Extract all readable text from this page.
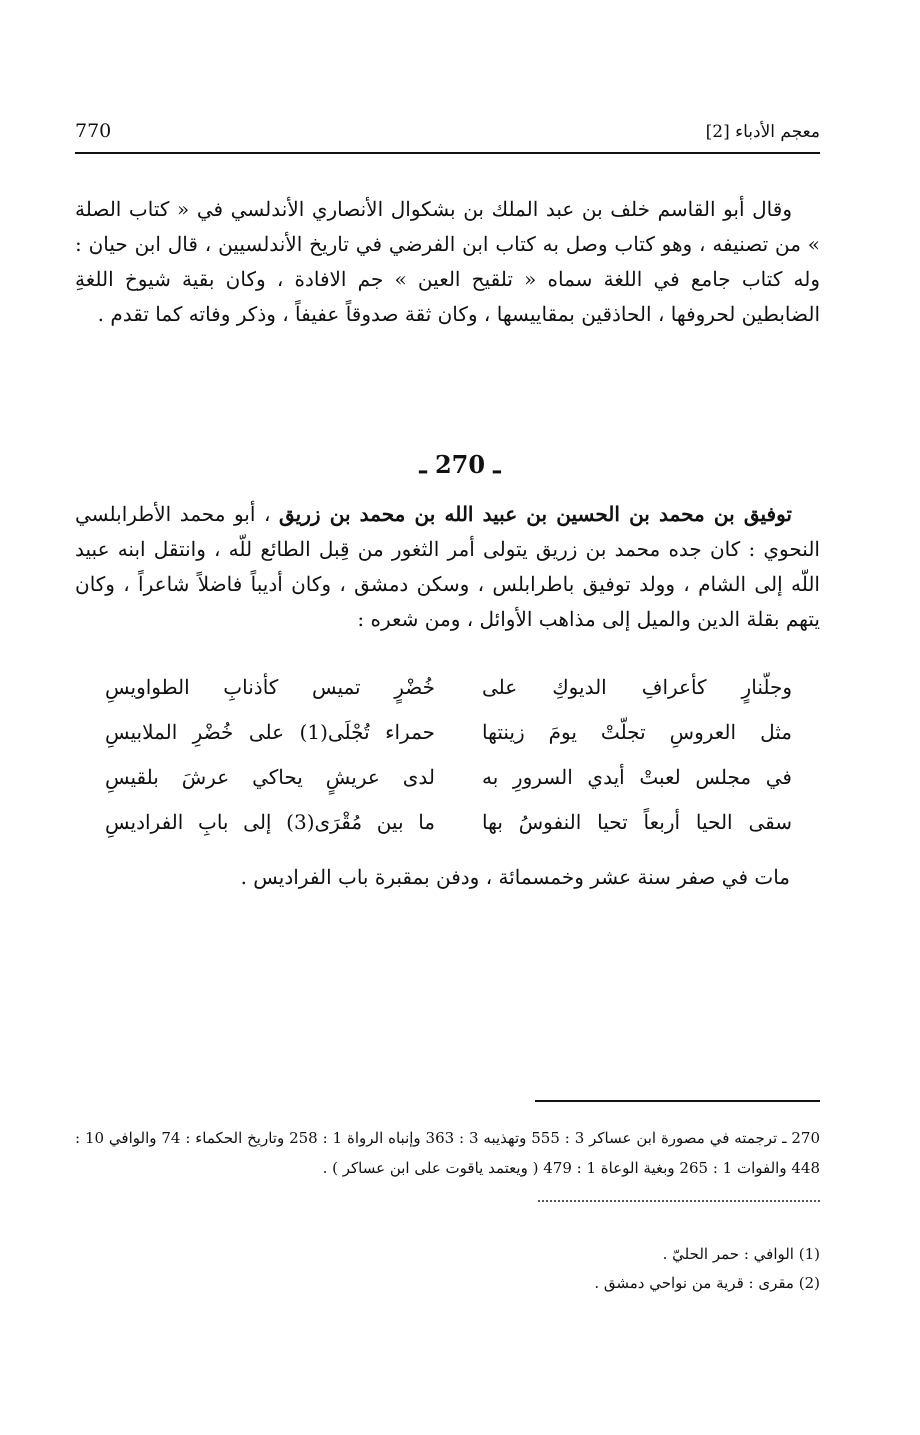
770	معجم الأدباء [2]

وقال أبو القاسم خلف بن عبد الملك بن بشكوال الأنصاري الأندلسي في « كتاب الصلة » من تصنيفه ، وهو كتاب وصل به كتاب ابن الفرضي في تاريخ الأندلسيين ، قال ابن حيان : وله كتاب جامع في اللغة سماه « تلقيح العين » جم الافادة ، وكان بقية شيوخ اللغةِ الضابطين لحروفها ، الحاذقين بمقاييسها ، وكان ثقة صدوقاً عفيفاً ، وذكر وفاته كما تقدم .

ـ 270 ـ

توفيق بن محمد بن الحسين بن عبيد الله بن محمد بن زريق ، أبو محمد الأطرابلسي النحوي : كان جده محمد بن زريق يتولى أمر الثغور من قِبل الطائع للّه ، وانتقل ابنه عبيد اللّه إلى الشام ، وولد توفيق باطرابلس ، وسكن دمشق ، وكان أديباً فاضلاً شاعراً ، وكان يتهم بقلة الدين والميل إلى مذاهب الأوائل ، ومن شعره :

وجلّنارٍ كأعرافِ الديوكِ على
خُضْرٍ تميس كأذنابِ الطواويسِ
مثل العروسِ تجلّتْ يومَ زينتها
حمراء تُجْلَى(1) على خُضْرِ الملابيسِ
في مجلس لعبتْ أيدي السرورِ به
لدى عريشٍ يحاكي عرشَ بلقيسِ
سقى الحيا أربعاً تحيا النفوسُ بها
ما بين مُقْرَى(3) إلى بابِ الفراديسِ

مات في صفر سنة عشر وخمسمائة ، ودفن بمقبرة باب الفراديس .

270 ـ ترجمته في مصورة ابن عساكر 3 : 555 وتهذيبه 3 : 363 وإنباه الرواة 1 : 258 وتاريخ الحكماء : 74 والوافي 10 : 448 والفوات 1 : 265 وبغية الوعاة 1 : 479 ( ويعتمد ياقوت على ابن عساكر ) .

(1) الوافي : حمر الحليّ .
(2) مقرى : قرية من نواحي دمشق .
